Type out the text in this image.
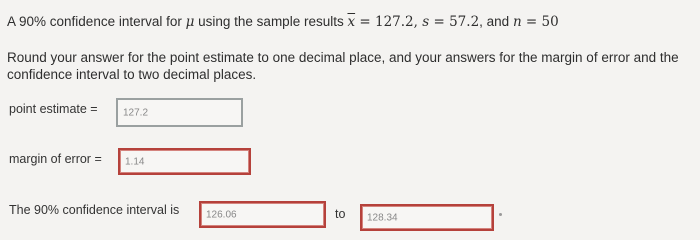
A 90% confidence interval for μ using the sample results $\overline{x} = 127.2$, s = 57.2, and n = 50
Round your answer for the point estimate to one decimal place, and your answers for the margin of error and the confidence interval to two decimal places.
point estimate =	127.2
margin of error = 1.14
The 90% confidence interval is	126.06	to 128.34
